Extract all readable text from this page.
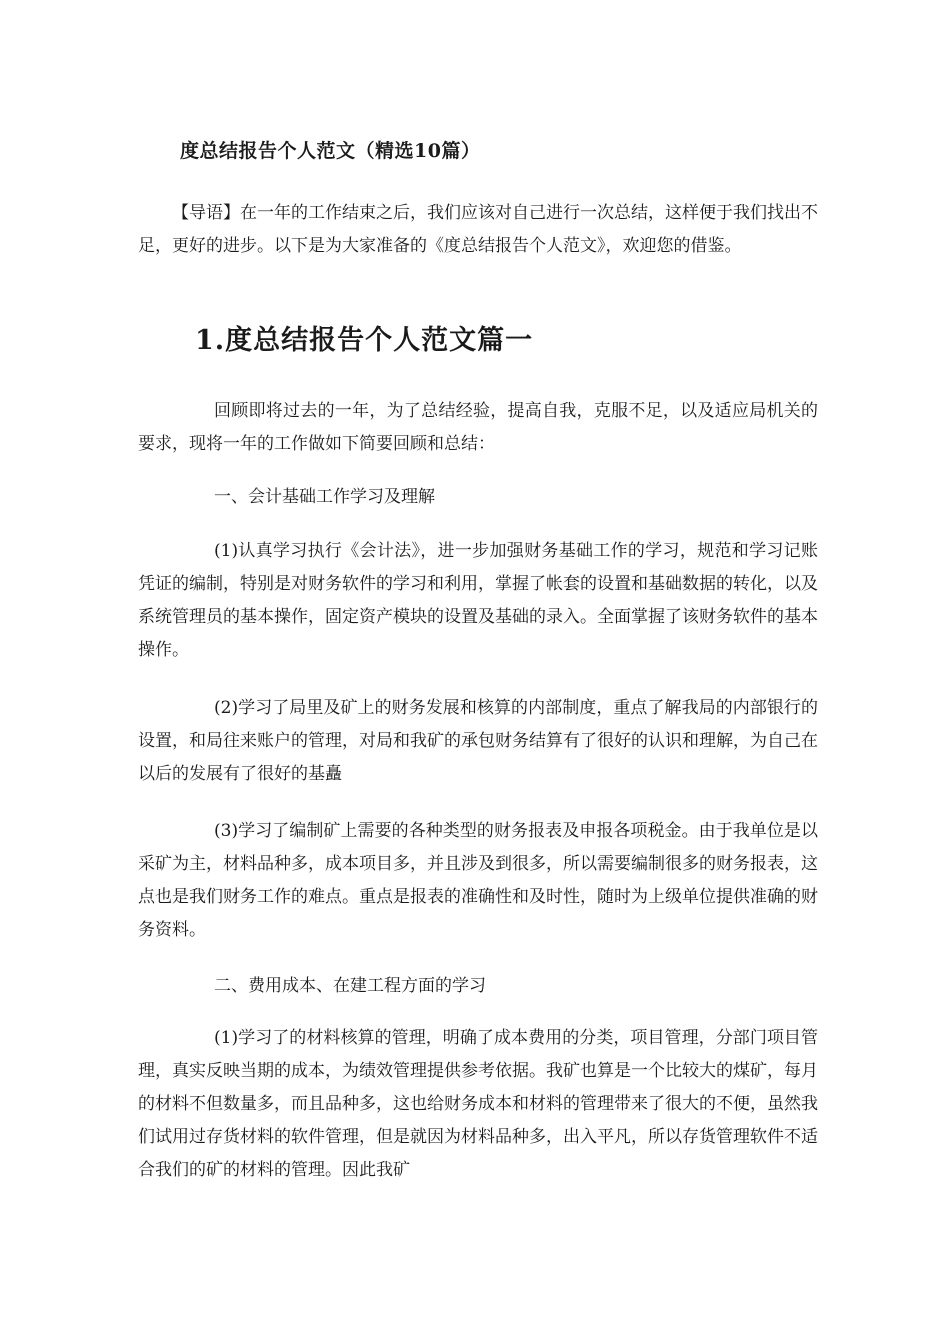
度总结报告个人范文（精选10篇）

【导语】在一年的工作结束之后，我们应该对自己进行一次总结，这样便于我们找出不足，更好的进步。以下是为大家准备的《度总结报告个人范文》，欢迎您的借鉴。

1.度总结报告个人范文篇一

回顾即将过去的一年，为了总结经验，提高自我，克服不足，以及适应局机关的要求，现将一年的工作做如下简要回顾和总结：

一、会计基础工作学习及理解

(1)认真学习执行《会计法》，进一步加强财务基础工作的学习，规范和学习记账凭证的编制，特别是对财务软件的学习和利用，掌握了帐套的设置和基础数据的转化，以及系统管理员的基本操作，固定资产模块的设置及基础的录入。全面掌握了该财务软件的基本操作。

(2)学习了局里及矿上的财务发展和核算的内部制度，重点了解我局的内部银行的设置，和局往来账户的管理，对局和我矿的承包财务结算有了很好的认识和理解，为自己在以后的发展有了很好的基矗

(3)学习了编制矿上需要的各种类型的财务报表及申报各项税金。由于我单位是以采矿为主，材料品种多，成本项目多，并且涉及到很多，所以需要编制很多的财务报表，这点也是我们财务工作的难点。重点是报表的准确性和及时性，随时为上级单位提供准确的财务资料。

二、费用成本、在建工程方面的学习

(1)学习了的材料核算的管理，明确了成本费用的分类，项目管理，分部门项目管理，真实反映当期的成本，为绩效管理提供参考依据。我矿也算是一个比较大的煤矿，每月的材料不但数量多，而且品种多，这也给财务成本和材料的管理带来了很大的不便，虽然我们试用过存货材料的软件管理，但是就因为材料品种多，出入平凡，所以存货管理软件不适合我们的矿的材料的管理。因此我矿
